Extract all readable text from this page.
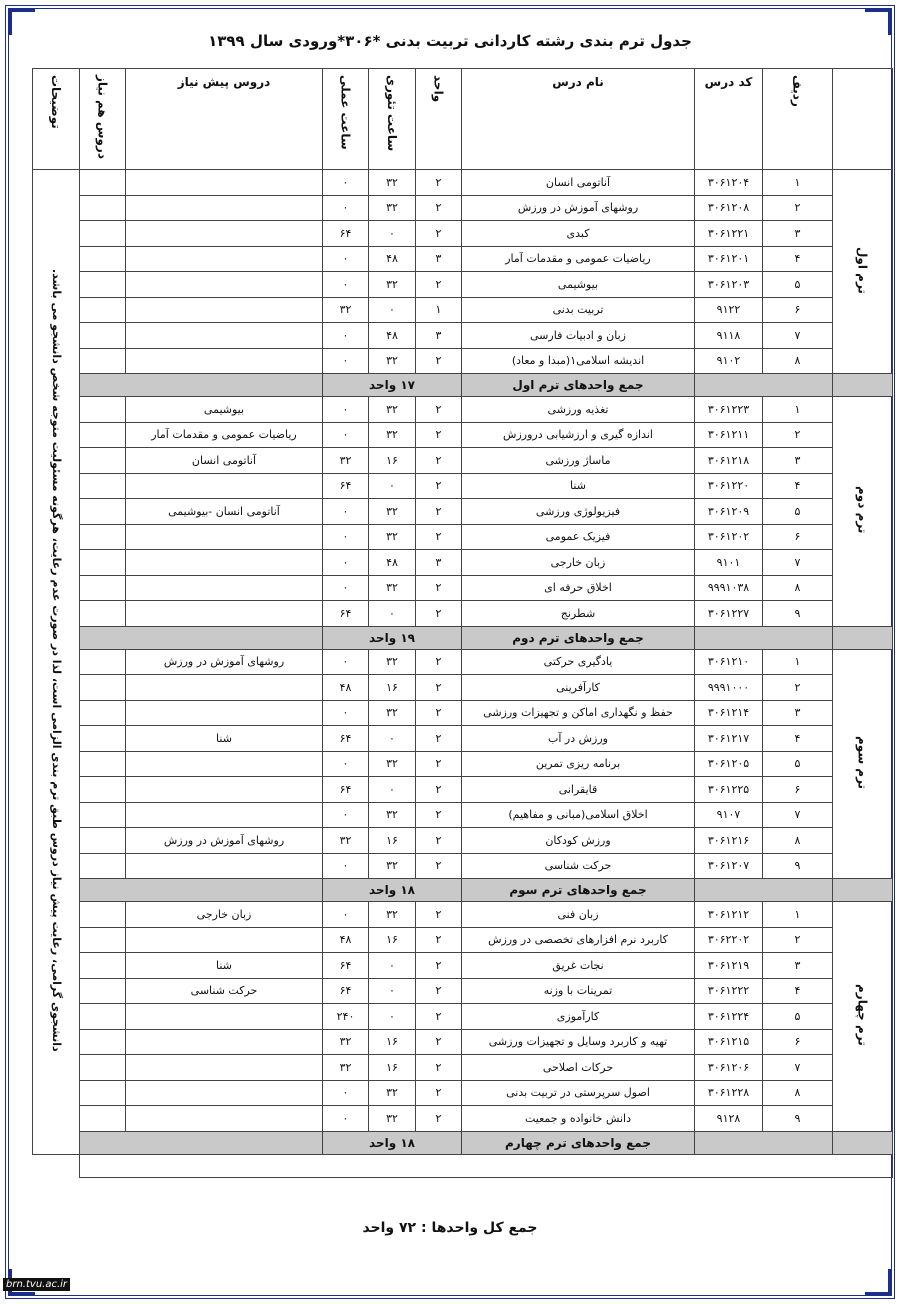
جدول ترم بندی رشته کاردانی تربیت بدنی *۳۰۶*ورودی سال ۱۳۹۹
	ردیف	کد درس	نام درس	واحد	ساعت تئوری	ساعت عملی	دروس پیش نیاز	دروس هم نیاز	توضیحات
ترم اول	۱	۳۰۶۱۲۰۴	آناتومی انسان	۲	۳۲	۰			دانشجوی گرامی، رعایت پیش نیاز دروس طبق ترم بندی الزامی است، لذا در صورت عدم رعایت، هرگونه مسئولیت متوجه شخص دانشجو می باشد.
	۲	۳۰۶۱۲۰۸	روشهای آموزش در ورزش	۲	۳۲	۰			
	۳	۳۰۶۱۲۲۱	کبدی	۲	۰	۶۴			
	۴	۳۰۶۱۲۰۱	ریاضیات عمومی و مقدمات آمار	۳	۴۸	۰			
	۵	۳۰۶۱۲۰۳	بیوشیمی	۲	۳۲	۰			
	۶	۹۱۲۲	تربیت بدنی	۱	۰	۳۲			
	۷	۹۱۱۸	زبان و ادبیات فارسی	۳	۴۸	۰			
	۸	۹۱۰۲	اندیشه اسلامی۱(مبدا و معاد)	۲	۳۲	۰			
			جمع واحدهای ترم اول	۱۷ واحد					
ترم دوم	۱	۳۰۶۱۲۲۳	تغذیه ورزشی	۲	۳۲	۰	بیوشیمی		
	۲	۳۰۶۱۲۱۱	اندازه گیری و ارزشیابی درورزش	۲	۳۲	۰	ریاضیات عمومی و مقدمات آمار		
	۳	۳۰۶۱۲۱۸	ماساژ ورزشی	۲	۱۶	۳۲	آناتومی انسان		
	۴	۳۰۶۱۲۲۰	شنا	۲	۰	۶۴			
	۵	۳۰۶۱۲۰۹	فیزیولوژی ورزشی	۲	۳۲	۰	آناتومی انسان -بیوشیمی		
	۶	۳۰۶۱۲۰۲	فیزیک عمومی	۲	۳۲	۰			
	۷	۹۱۰۱	زبان خارجی	۳	۴۸	۰			
	۸	۹۹۹۱۰۳۸	اخلاق حرفه ای	۲	۳۲	۰			
	۹	۳۰۶۱۲۲۷	شطرنج	۲	۰	۶۴			
			جمع واحدهای ترم دوم	۱۹ واحد					
ترم سوم	۱	۳۰۶۱۲۱۰	یادگیری حرکتی	۲	۳۲	۰	روشهای آموزش در ورزش		
	۲	۹۹۹۱۰۰۰	کارآفرینی	۲	۱۶	۴۸			
	۳	۳۰۶۱۲۱۴	حفظ و نگهداری اماکن و تجهیزات ورزشی	۲	۳۲	۰			
	۴	۳۰۶۱۲۱۷	ورزش در آب	۲	۰	۶۴	شنا		
	۵	۳۰۶۱۲۰۵	برنامه ریزی تمرین	۲	۳۲	۰			
	۶	۳۰۶۱۲۲۵	قایقرانی	۲	۰	۶۴			
	۷	۹۱۰۷	اخلاق اسلامی(مبانی و مفاهیم)	۲	۳۲	۰			
	۸	۳۰۶۱۲۱۶	ورزش کودکان	۲	۱۶	۳۲	روشهای آموزش در ورزش		
	۹	۳۰۶۱۲۰۷	حرکت شناسی	۲	۳۲	۰			
			جمع واحدهای ترم سوم	۱۸ واحد					
ترم چهارم	۱	۳۰۶۱۲۱۲	زبان فنی	۲	۳۲	۰	زبان خارجی		
	۲	۳۰۶۲۲۰۲	کاربرد نرم افزارهای تخصصی در ورزش	۲	۱۶	۴۸			
	۳	۳۰۶۱۲۱۹	نجات غریق	۲	۰	۶۴	شنا		
	۴	۳۰۶۱۲۲۲	تمرینات با وزنه	۲	۰	۶۴	حرکت شناسی		
	۵	۳۰۶۱۲۲۴	کارآموزی	۲	۰	۲۴۰			
	۶	۳۰۶۱۲۱۵	تهیه و کاربرد وسایل و تجهیزات ورزشی	۲	۱۶	۳۲			
	۷	۳۰۶۱۲۰۶	حرکات اصلاحی	۲	۱۶	۳۲			
	۸	۳۰۶۱۲۲۸	اصول سرپرستی در تربیت بدنی	۲	۳۲	۰			
	۹	۹۱۲۸	دانش خانواده و جمعیت	۲	۳۲	۰			
			جمع واحدهای ترم چهارم	۱۸ واحد					

جمع کل واحدها : ۷۲ واحد
brn.tvu.ac.ir
